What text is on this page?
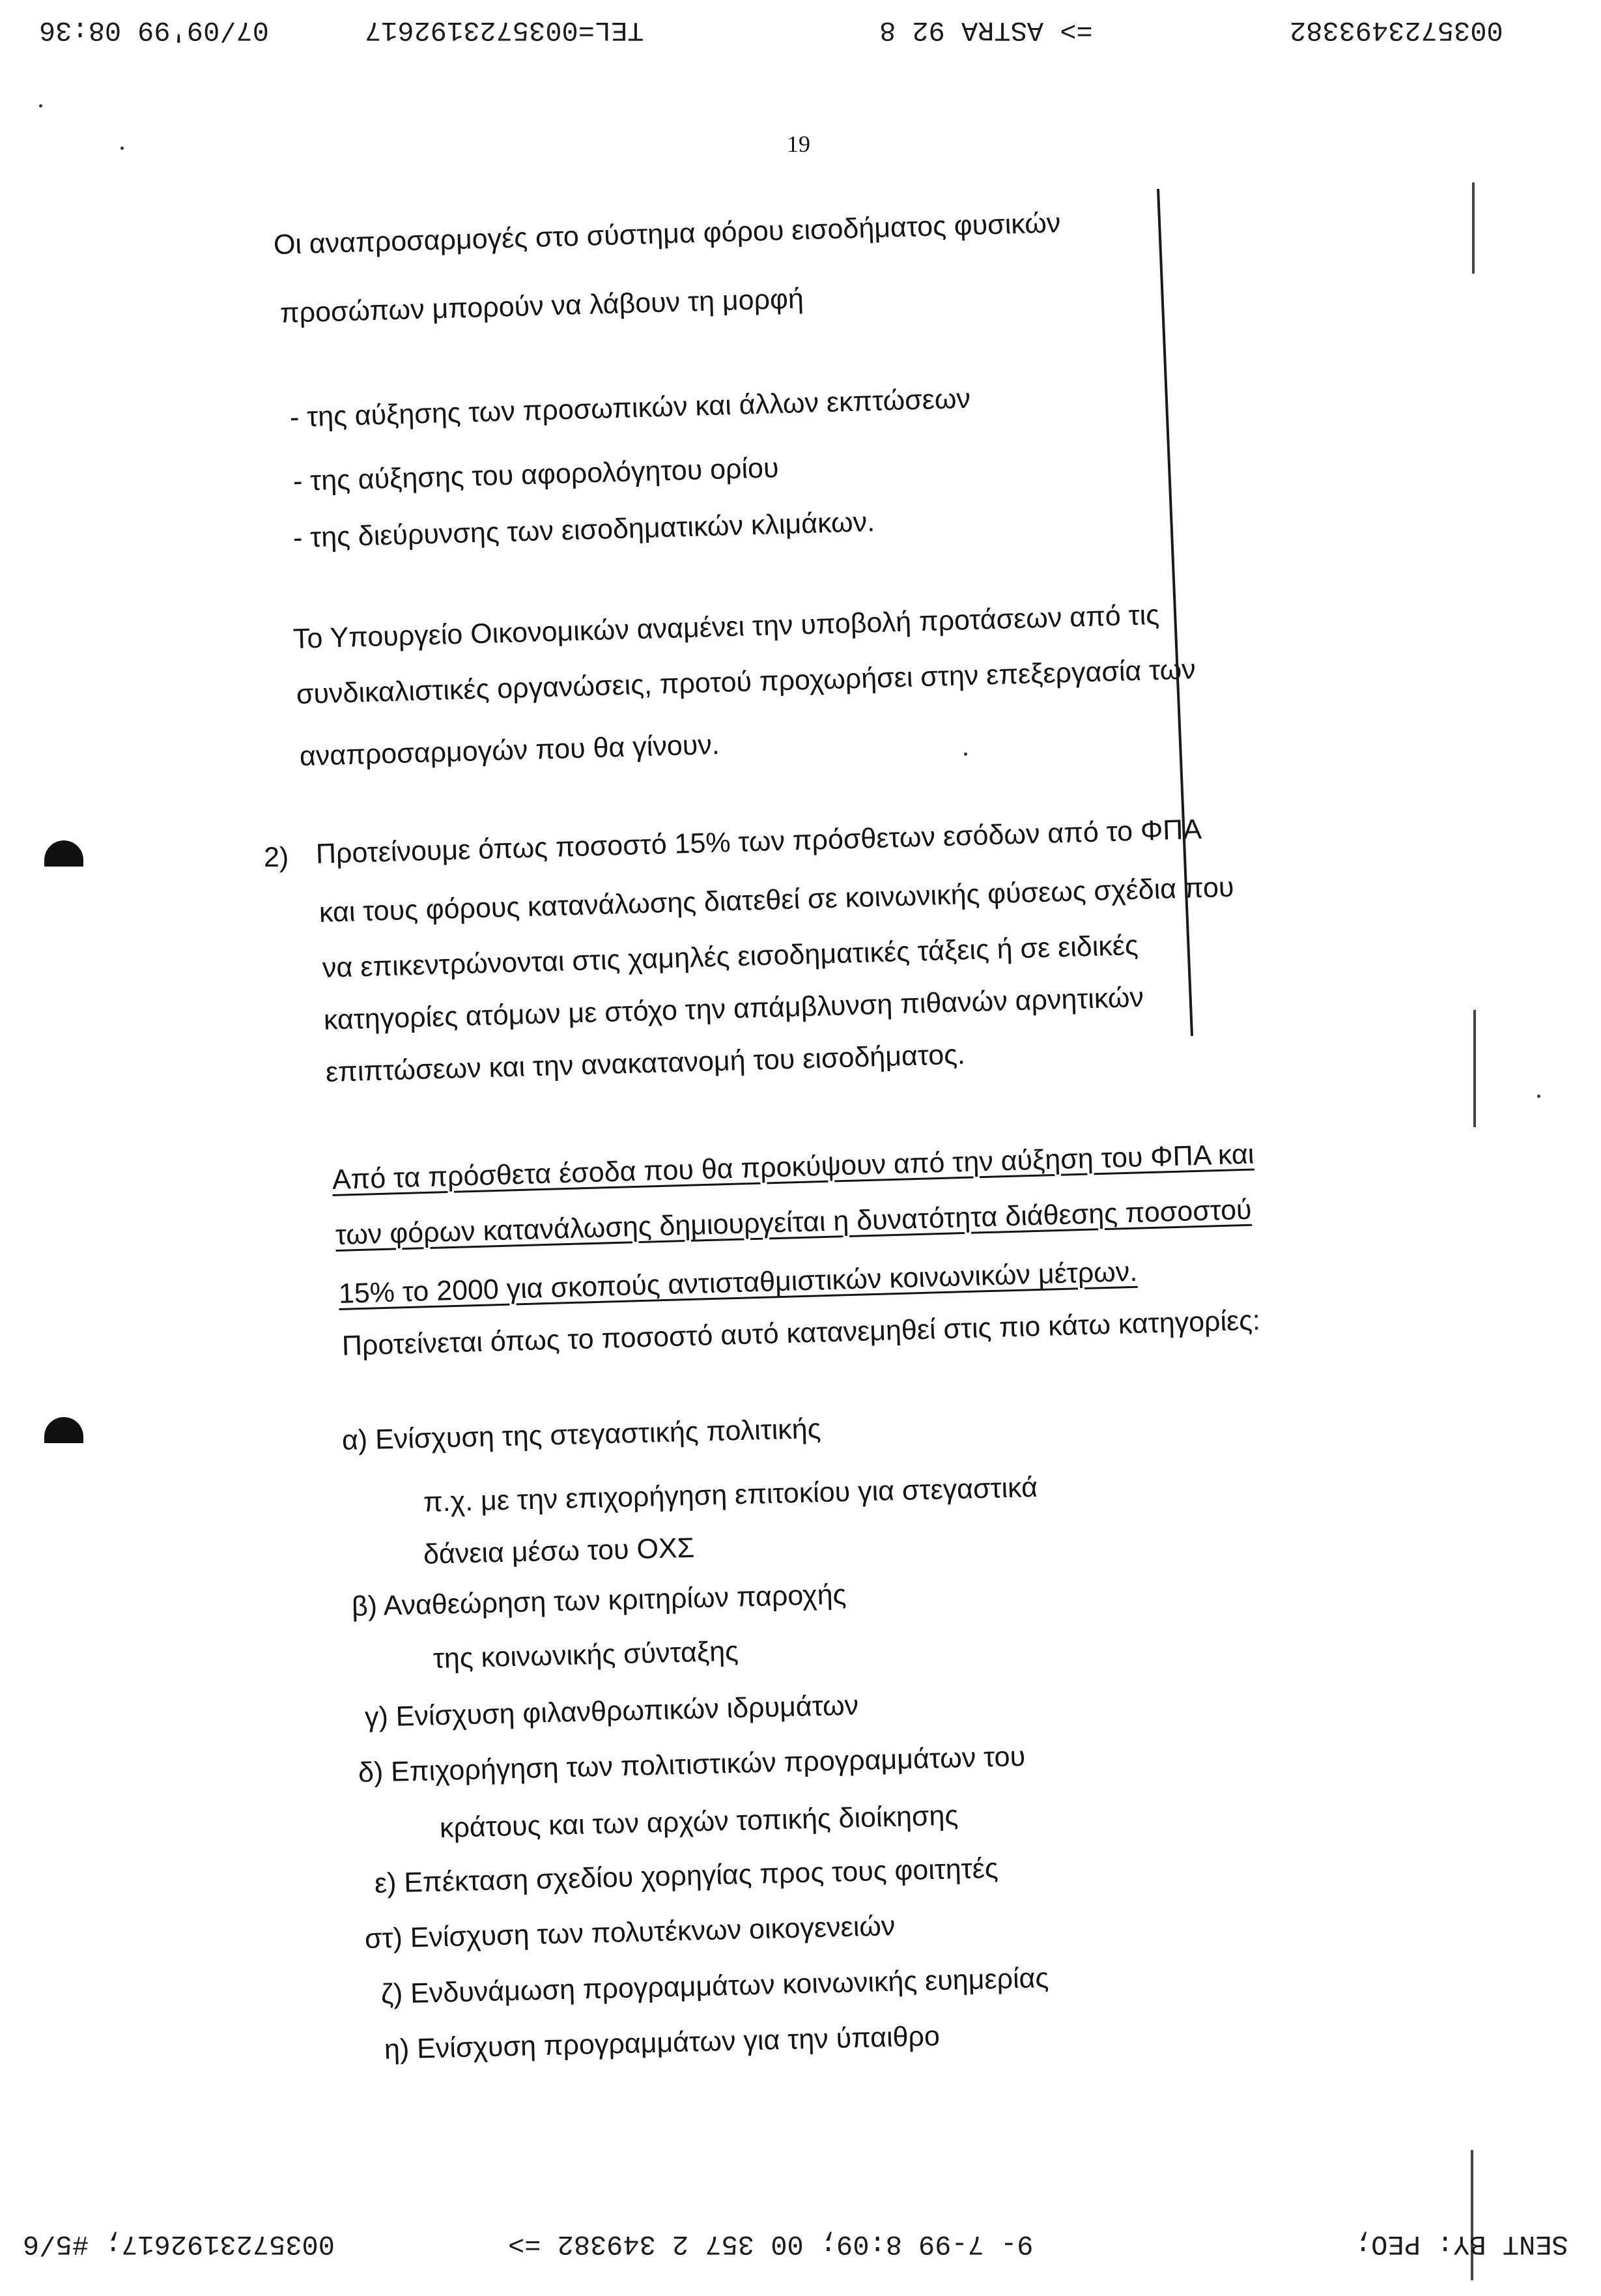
07/09'99 08:36	TEL=0035723192617	=> ASTRA 92 8	0035723493382
19
Οι αναπροσαρμογές στο σύστημα φόρου εισοδήματος φυσικών
προσώπων μπορούν να λάβουν τη μορφή
- της αύξησης των προσωπικών και άλλων εκπτώσεων
- της αύξησης του αφορολόγητου ορίου
- της διεύρυνσης των εισοδηματικών κλιμάκων.
Το Υπουργείο Οικονομικών αναμένει την υποβολή προτάσεων από τις
συνδικαλιστικές οργανώσεις, προτού προχωρήσει στην επεξεργασία των
αναπροσαρμογών που θα γίνουν.
2) Προτείνουμε όπως ποσοστό 15% των πρόσθετων εσόδων από το ΦΠΑ
και τους φόρους κατανάλωσης διατεθεί σε κοινωνικής φύσεως σχέδια που
να επικεντρώνονται στις χαμηλές εισοδηματικές τάξεις ή σε ειδικές
κατηγορίες ατόμων με στόχο την απάμβλυνση πιθανών αρνητικών
επιπτώσεων και την ανακατανομή του εισοδήματος.
Από τα πρόσθετα έσοδα που θα προκύψουν από την αύξηση του ΦΠΑ και
των φόρων κατανάλωσης δημιουργείται η δυνατότητα διάθεσης ποσοστού
15% το 2000 για σκοπούς αντισταθμιστικών κοινωνικών μέτρων.
Προτείνεται όπως το ποσοστό αυτό κατανεμηθεί στις πιο κάτω κατηγορίες:
α) Ενίσχυση της στεγαστικής πολιτικής
π.χ. με την επιχορήγηση επιτοκίου για στεγαστικά
δάνεια μέσω του ΟΧΣ
β) Αναθεώρηση των κριτηρίων παροχής
της κοινωνικής σύνταξης
γ) Ενίσχυση φιλανθρωπικών ιδρυμάτων
δ) Επιχορήγηση των πολιτιστικών προγραμμάτων του
κράτους και των αρχών τοπικής διοίκησης
ε) Επέκταση σχεδίου χορηγίας προς τους φοιτητές
στ) Ενίσχυση των πολυτέκνων οικογενειών
ζ) Ενδυνάμωση προγραμμάτων κοινωνικής ευημερίας
η) Ενίσχυση προγραμμάτων για την ύπαιθρο
0035723192617; #5/6	9- 7-99 8:09; 00 357 2 349382 =>	SENT BY: PEO;
